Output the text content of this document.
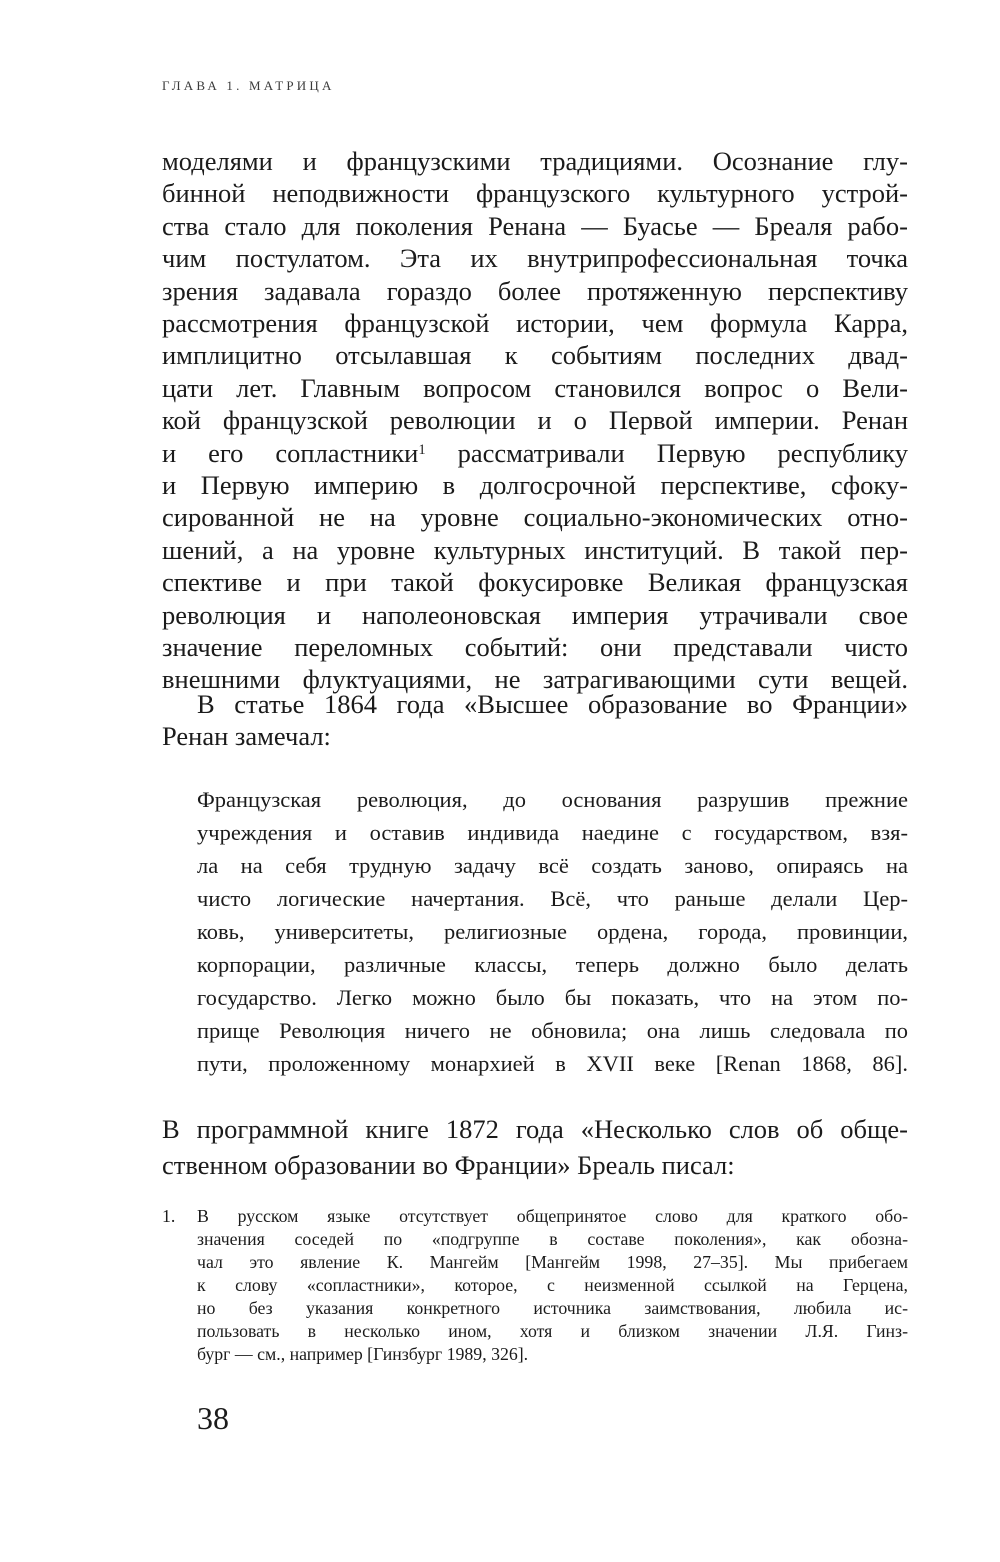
ГЛАВА 1. МАТРИЦА
моделями и французскими традициями. Осознание глу-
бинной неподвижности французского культурного устрой-
ства стало для поколения Ренана — Буасье — Бреаля рабо-
чим постулатом. Эта их внутрипрофессиональная точка
зрения задавала гораздо более протяженную перспективу
рассмотрения французской истории, чем формула Карра,
имплицитно отсылавшая к событиям последних двад-
цати лет. Главным вопросом становился вопрос о Вели-
кой французской революции и о Первой империи. Ренан
и его сопластники$^1$ рассматривали Первую республику
и Первую империю в долгосрочной перспективе, сфоку-
сированной не на уровне социально-экономических отно-
шений, а на уровне культурных институций. В такой пер-
спективе и при такой фокусировке Великая французская
революция и наполеоновская империя утрачивали свое
значение переломных событий: они представали чисто
внешними флуктуациями, не затрагивающими сути вещей.
В статье 1864 года «Высшее образование во Франции»
Ренан замечал:
Французская революция, до основания разрушив прежние
учреждения и оставив индивида наедине с государством, взя-
ла на себя трудную задачу всё создать заново, опираясь на
чисто логические начертания. Всё, что раньше делали Цер-
ковь, университеты, религиозные ордена, города, провинции,
корпорации, различные классы, теперь должно было делать
государство. Легко можно было бы показать, что на этом по-
прище Революция ничего не обновила; она лишь следовала по
пути, проложенному монархией в XVII веке [Renan 1868, 86].
В программной книге 1872 года «Несколько слов об обще-
ственном образовании во Франции» Бреаль писал:
1. В русском языке отсутствует общепринятое слово для краткого обо-
значения соседей по «подгруппе в составе поколения», как обозна-
чал это явление К. Мангейм [Мангейм 1998, 27–35]. Мы прибегаем
к слову «сопластники», которое, с неизменной ссылкой на Герцена,
но без указания конкретного источника заимствования, любила ис-
пользовать в несколько ином, хотя и близком значении Л.Я. Гинз-
бург — см., например [Гинзбург 1989, 326].
38
